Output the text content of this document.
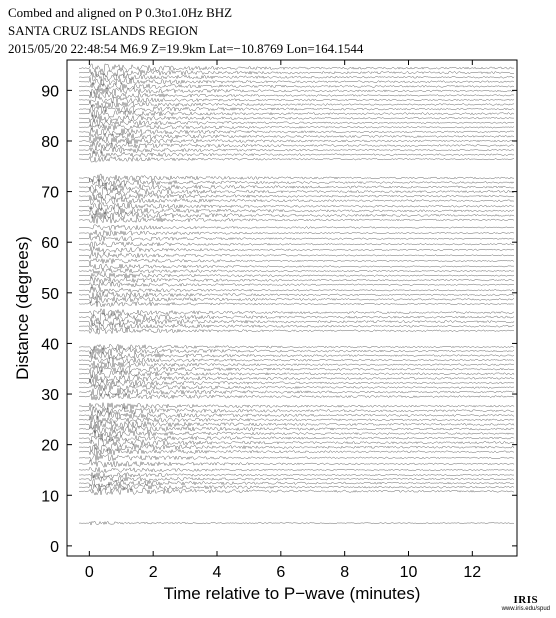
Combed and aligned on P 0.3to1.0Hz BHZ
SANTA CRUZ ISLANDS REGION
2015/05/20 22:48:54 M6.9 Z=19.9km Lat=−10.8769 Lon=164.1544
0	2	4	6	8	10	12
0
10
20
30
40
50
60
70
80
90
Time relative to P−wave (minutes)
Distance (degrees)
IRIS
www.iris.edu/spud
